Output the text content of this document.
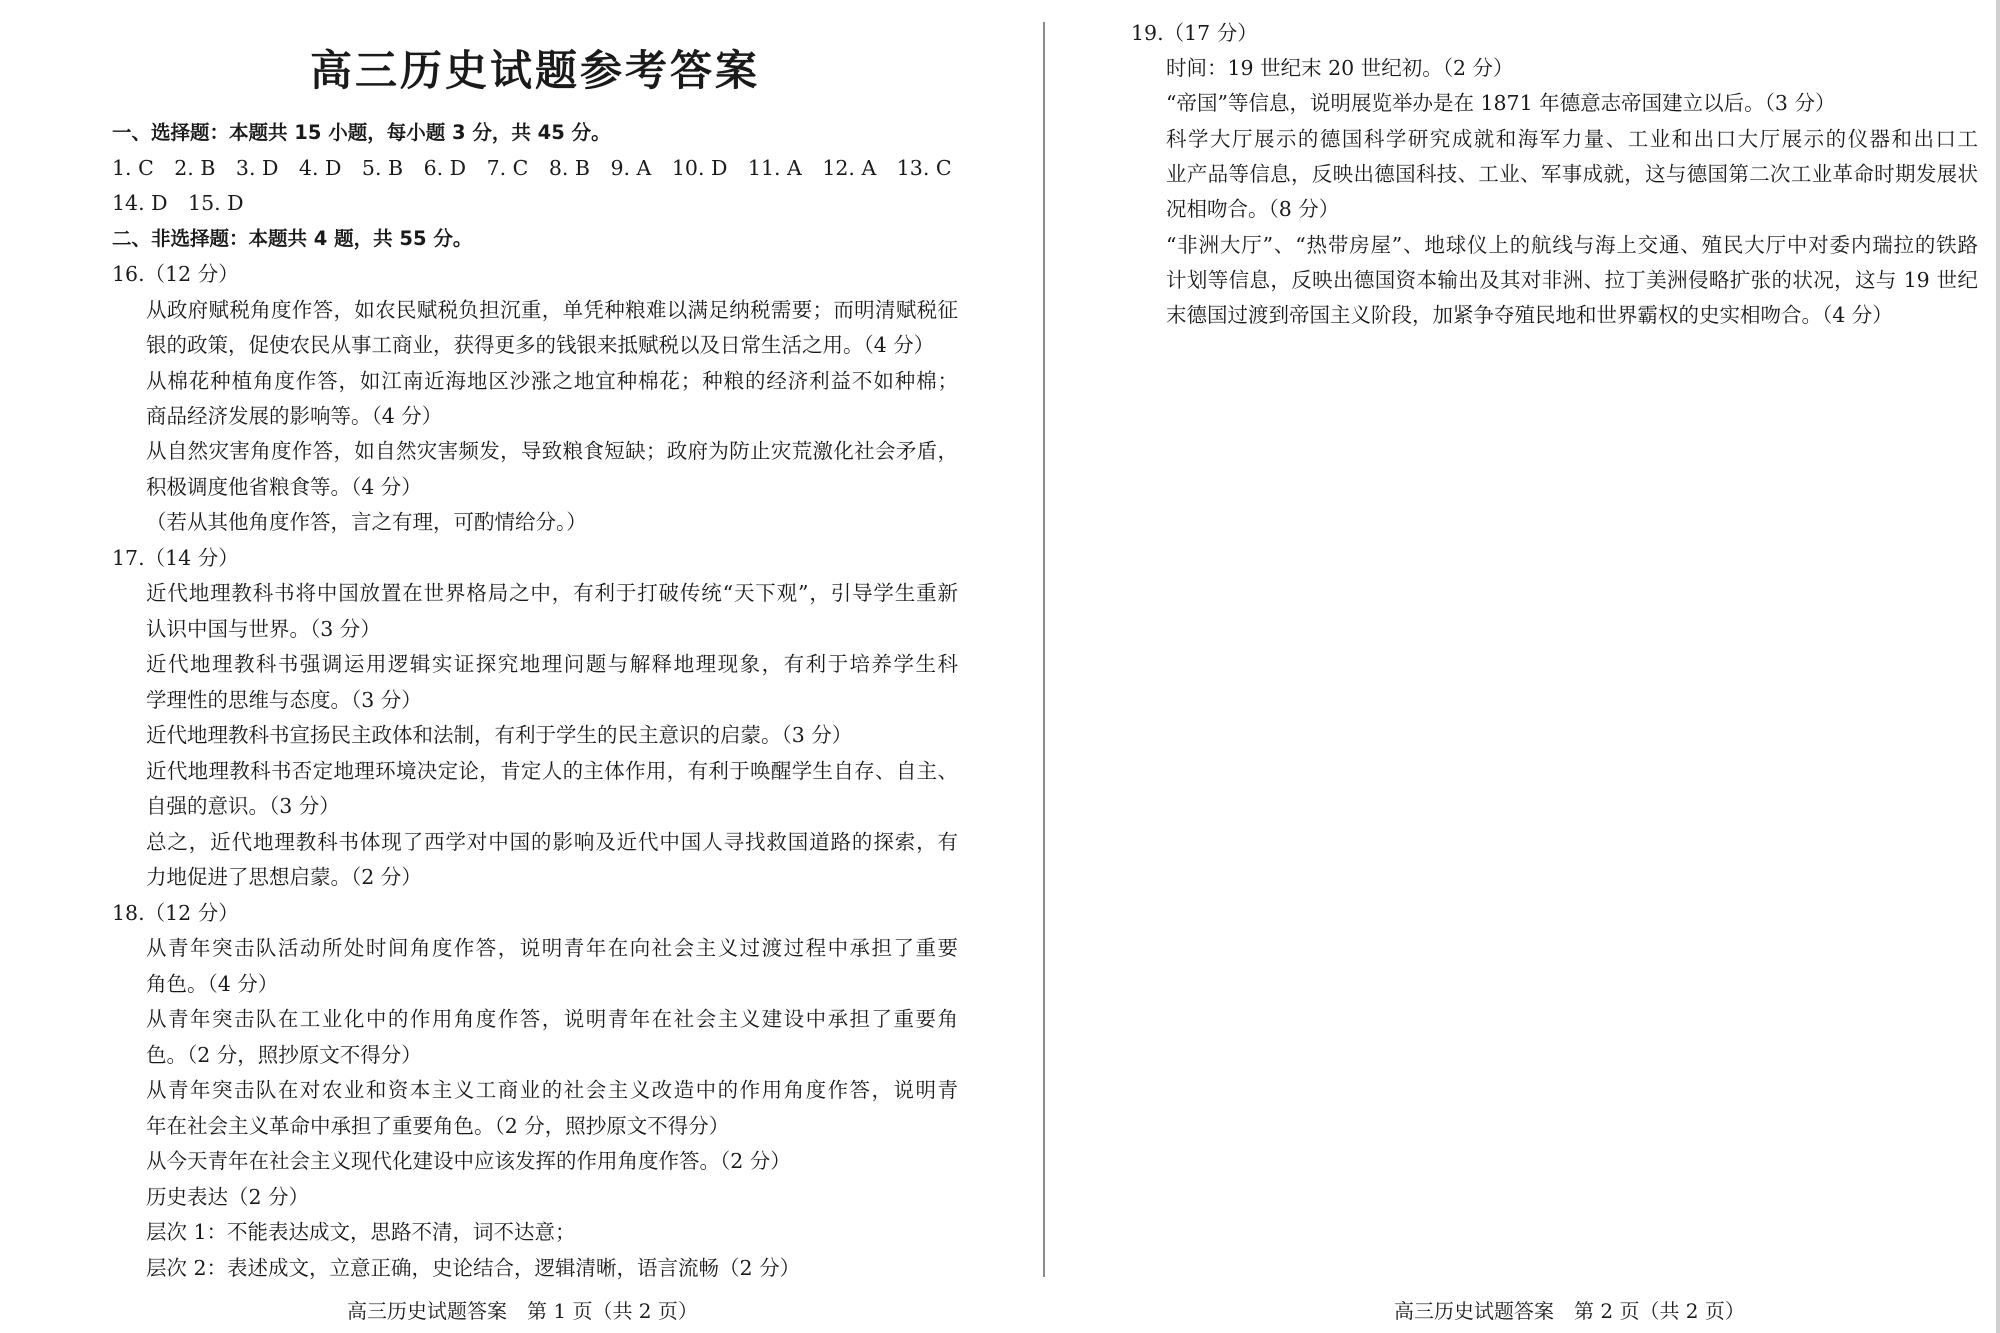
高三历史试题参考答案
一、选择题：本题共 15 小题，每小题 3 分，共 45 分。
1. C　2. B　3. D　4. D　5. B　6. D　7. C　8. B　9. A　10. D　11. A　12. A　13. C
14. D　15. D
二、非选择题：本题共 4 题，共 55 分。
16.（12 分）
从政府赋税角度作答，如农民赋税负担沉重，单凭种粮难以满足纳税需要；而明清赋税征
银的政策，促使农民从事工商业，获得更多的钱银来抵赋税以及日常生活之用。（4 分）
从棉花种植角度作答，如江南近海地区沙涨之地宜种棉花；种粮的经济利益不如种棉；
商品经济发展的影响等。（4 分）
从自然灾害角度作答，如自然灾害频发，导致粮食短缺；政府为防止灾荒激化社会矛盾，
积极调度他省粮食等。（4 分）
（若从其他角度作答，言之有理，可酌情给分。）
17.（14 分）
近代地理教科书将中国放置在世界格局之中，有利于打破传统“天下观”，引导学生重新
认识中国与世界。（3 分）
近代地理教科书强调运用逻辑实证探究地理问题与解释地理现象，有利于培养学生科
学理性的思维与态度。（3 分）
近代地理教科书宣扬民主政体和法制，有利于学生的民主意识的启蒙。（3 分）
近代地理教科书否定地理环境决定论，肯定人的主体作用，有利于唤醒学生自存、自主、
自强的意识。（3 分）
总之，近代地理教科书体现了西学对中国的影响及近代中国人寻找救国道路的探索，有
力地促进了思想启蒙。（2 分）
18.（12 分）
从青年突击队活动所处时间角度作答，说明青年在向社会主义过渡过程中承担了重要
角色。（4 分）
从青年突击队在工业化中的作用角度作答，说明青年在社会主义建设中承担了重要角
色。（2 分，照抄原文不得分）
从青年突击队在对农业和资本主义工商业的社会主义改造中的作用角度作答，说明青
年在社会主义革命中承担了重要角色。（2 分，照抄原文不得分）
从今天青年在社会主义现代化建设中应该发挥的作用角度作答。（2 分）
历史表达（2 分）
层次 1：不能表达成文，思路不清，词不达意；
层次 2：表述成文，立意正确，史论结合，逻辑清晰，语言流畅（2 分）
高三历史试题答案　第 1 页（共 2 页）
19.（17 分）
时间：19 世纪末 20 世纪初。（2 分）
“帝国”等信息，说明展览举办是在 1871 年德意志帝国建立以后。（3 分）
科学大厅展示的德国科学研究成就和海军力量、工业和出口大厅展示的仪器和出口工
业产品等信息，反映出德国科技、工业、军事成就，这与德国第二次工业革命时期发展状
况相吻合。（8 分）
“非洲大厅”、“热带房屋”、地球仪上的航线与海上交通、殖民大厅中对委内瑞拉的铁路
计划等信息，反映出德国资本输出及其对非洲、拉丁美洲侵略扩张的状况，这与 19 世纪
末德国过渡到帝国主义阶段，加紧争夺殖民地和世界霸权的史实相吻合。（4 分）
高三历史试题答案　第 2 页（共 2 页）
